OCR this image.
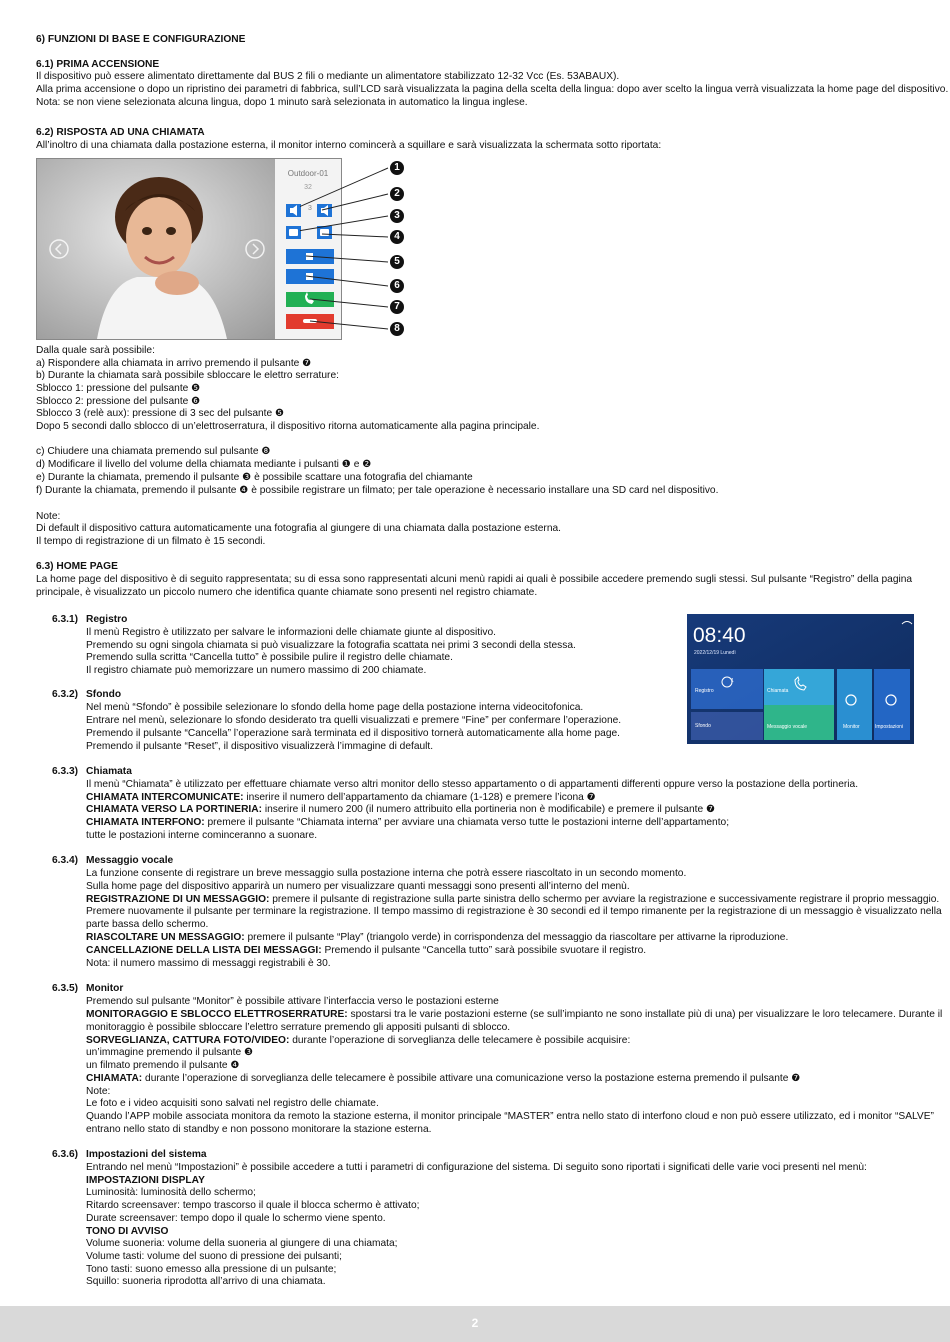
6) FUNZIONI DI BASE E CONFIGURAZIONE
6.1) PRIMA ACCENSIONE
Il dispositivo può essere alimentato direttamente dal BUS 2 fili o mediante un alimentatore stabilizzato 12-32 Vcc (Es. 53ABAUX).
Alla prima accensione o dopo un ripristino dei parametri di fabbrica, sull’LCD sarà visualizzata la pagina della scelta della lingua: dopo aver scelto la lingua verrà visualizzata la home page del dispositivo.
Nota: se non viene selezionata alcuna lingua, dopo 1 minuto sarà selezionata in automatico la lingua inglese.
6.2) RISPOSTA AD UNA CHIAMATA
All’inoltro di una chiamata dalla postazione esterna, il monitor interno comincerà a squillare e sarà visualizzata la schermata sotto riportata:
Outdoor-01
32
3
1
2
3
4
5
6
7
8
Dalla quale sarà possibile:
a) Rispondere alla chiamata in arrivo premendo il pulsante ❼
b) Durante la chiamata sarà possibile sbloccare le elettro serrature:
Sblocco 1: pressione del pulsante ❺
Sblocco 2: pressione del pulsante ❻
Sblocco 3 (relè aux): pressione di 3 sec del pulsante ❺
Dopo 5 secondi dallo sblocco di un’elettroserratura, il dispositivo ritorna automaticamente alla pagina principale.
c) Chiudere una chiamata premendo sul pulsante ❽
d) Modificare il livello del volume della chiamata mediante i pulsanti ❶ e ❷
e) Durante la chiamata, premendo il pulsante ❸ è possibile scattare una fotografia del chiamante
f) Durante la chiamata, premendo il pulsante ❹ è possibile registrare un filmato; per tale operazione è necessario installare una SD card nel dispositivo.
Note:
Di default il dispositivo cattura automaticamente una fotografia al giungere di una chiamata dalla postazione esterna.
Il tempo di registrazione di un filmato è 15 secondi.
6.3) HOME PAGE
La home page del dispositivo è di seguito rappresentata; su di essa sono rappresentati alcuni menù rapidi ai quali è possibile accedere premendo sugli stessi. Sul pulsante “Registro” della pagina principale, è visualizzato un piccolo numero che identifica quante chiamate sono presenti nel registro chiamate.
08:40
2022/12/19 Lunedì
Registro
1
Chiamata
Sfondo	Messaggio vocale	Monitor	Impostazioni
6.3.1) Registro
Il menù Registro è utilizzato per salvare le informazioni delle chiamate giunte al dispositivo.
Premendo su ogni singola chiamata si può visualizzare la fotografia scattata nei primi 3 secondi della stessa.
Premendo sulla scritta “Cancella tutto” è possibile pulire il registro delle chiamate.
Il registro chiamate può memorizzare un numero massimo di 200 chiamate.
6.3.2) Sfondo
Nel menù “Sfondo” è possibile selezionare lo sfondo della home page della postazione interna videocitofonica.
Entrare nel menù, selezionare lo sfondo desiderato tra quelli visualizzati e premere “Fine” per confermare l’operazione.
Premendo il pulsante “Cancella” l’operazione sarà terminata ed il dispositivo tornerà automaticamente alla home page.
Premendo il pulsante “Reset”, il dispositivo visualizzerà l’immagine di default.
6.3.3) Chiamata
Il menù “Chiamata” è utilizzato per effettuare chiamate verso altri monitor dello stesso appartamento o di appartamenti differenti oppure verso la postazione della portineria.
CHIAMATA INTERCOMUNICATE: inserire il numero dell’appartamento da chiamare (1-128) e premere l’icona ❼
CHIAMATA VERSO LA PORTINERIA: inserire il numero 200 (il numero attribuito ella portineria non è modificabile) e premere il pulsante ❼
CHIAMATA INTERFONO: premere il pulsante “Chiamata interna” per avviare una chiamata verso tutte le postazioni interne dell’appartamento;
tutte le postazioni interne cominceranno a suonare.
6.3.4) Messaggio vocale
La funzione consente di registrare un breve messaggio sulla postazione interna che potrà essere riascoltato in un secondo momento.
Sulla home page del dispositivo apparirà un numero per visualizzare quanti messaggi sono presenti all’interno del menù.
REGISTRAZIONE DI UN MESSAGGIO: premere il pulsante di registrazione sulla parte sinistra dello schermo per avviare la registrazione e successivamente registrare il proprio messaggio.
Premere nuovamente il pulsante per terminare la registrazione. Il tempo massimo di registrazione è 30 secondi ed il tempo rimanente per la registrazione di un messaggio è visualizzato nella
parte bassa dello schermo.
RIASCOLTARE UN MESSAGGIO: premere il pulsante “Play” (triangolo verde) in corrispondenza del messaggio da riascoltare per attivarne la riproduzione.
CANCELLAZIONE DELLA LISTA DEI MESSAGGI: Premendo il pulsante “Cancella tutto” sarà possibile svuotare il registro.
Nota: il numero massimo di messaggi registrabili è 30.
6.3.5) Monitor
Premendo sul pulsante “Monitor” è possibile attivare l’interfaccia verso le postazioni esterne
MONITORAGGIO E SBLOCCO ELETTROSERRATURE: spostarsi tra le varie postazioni esterne (se sull’impianto ne sono installate più di una) per visualizzare le loro telecamere. Durante il
monitoraggio è possibile sbloccare l’elettro serrature premendo gli appositi pulsanti di sblocco.
SORVEGLIANZA, CATTURA FOTO/VIDEO: durante l’operazione di sorveglianza delle telecamere è possibile acquisire:
un’immagine premendo il pulsante ❸
un filmato premendo il pulsante ❹
CHIAMATA: durante l’operazione di sorveglianza delle telecamere è possibile attivare una comunicazione verso la postazione esterna premendo il pulsante ❼
Note:
Le foto e i video acquisiti sono salvati nel registro delle chiamate.
Quando l’APP mobile associata monitora da remoto la stazione esterna, il monitor principale “MASTER” entra nello stato di interfono cloud e non può essere utilizzato, ed i monitor “SALVE”
entrano nello stato di standby e non possono monitorare la stazione esterna.
6.3.6) Impostazioni del sistema
Entrando nel menù “Impostazioni” è possibile accedere a tutti i parametri di configurazione del sistema. Di seguito sono riportati i significati delle varie voci presenti nel menù:
IMPOSTAZIONI DISPLAY
Luminosità: luminosità dello schermo;
Ritardo screensaver: tempo trascorso il quale il blocca schermo è attivato;
Durate screensaver: tempo dopo il quale lo schermo viene spento.
TONO DI AVVISO
Volume suoneria: volume della suoneria al giungere di una chiamata;
Volume tasti: volume del suono di pressione dei pulsanti;
Tono tasti: suono emesso alla pressione di un pulsante;
Squillo: suoneria riprodotta all’arrivo di una chiamata.
2
